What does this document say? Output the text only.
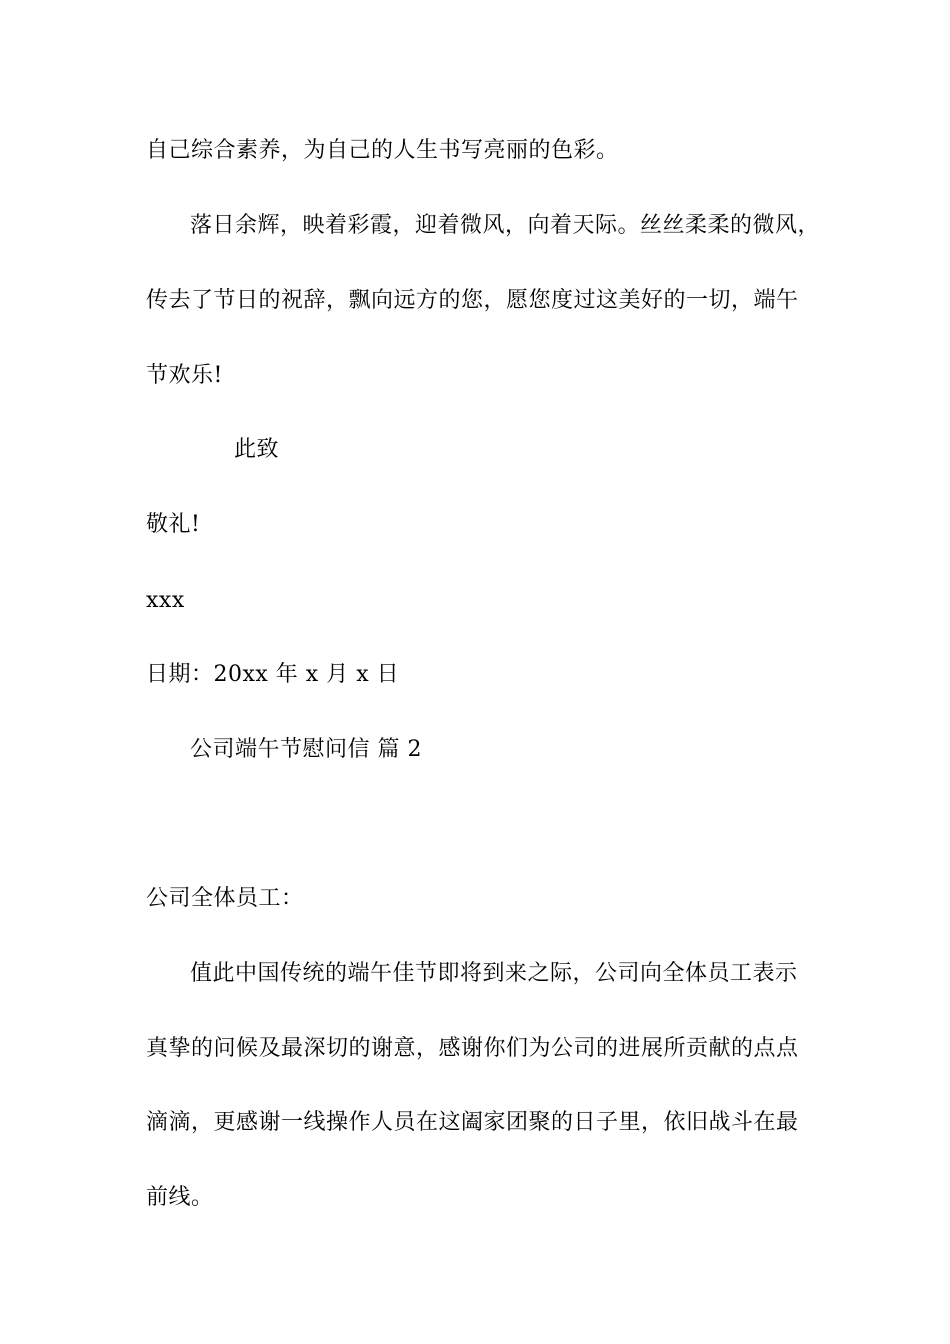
自己综合素养，为自己的人生书写亮丽的色彩。
落日余辉，映着彩霞，迎着微风，向着天际。丝丝柔柔的微风，
传去了节日的祝辞，飘向远方的您，愿您度过这美好的一切，端午
节欢乐!
此致
敬礼!
xxx
日期：20xx 年 x 月 x 日
公司端午节慰问信 篇 2
公司全体员工：
值此中国传统的端午佳节即将到来之际，公司向全体员工表示
真挚的问候及最深切的谢意，感谢你们为公司的进展所贡献的点点
滴滴，更感谢一线操作人员在这阖家团聚的日子里，依旧战斗在最
前线。
